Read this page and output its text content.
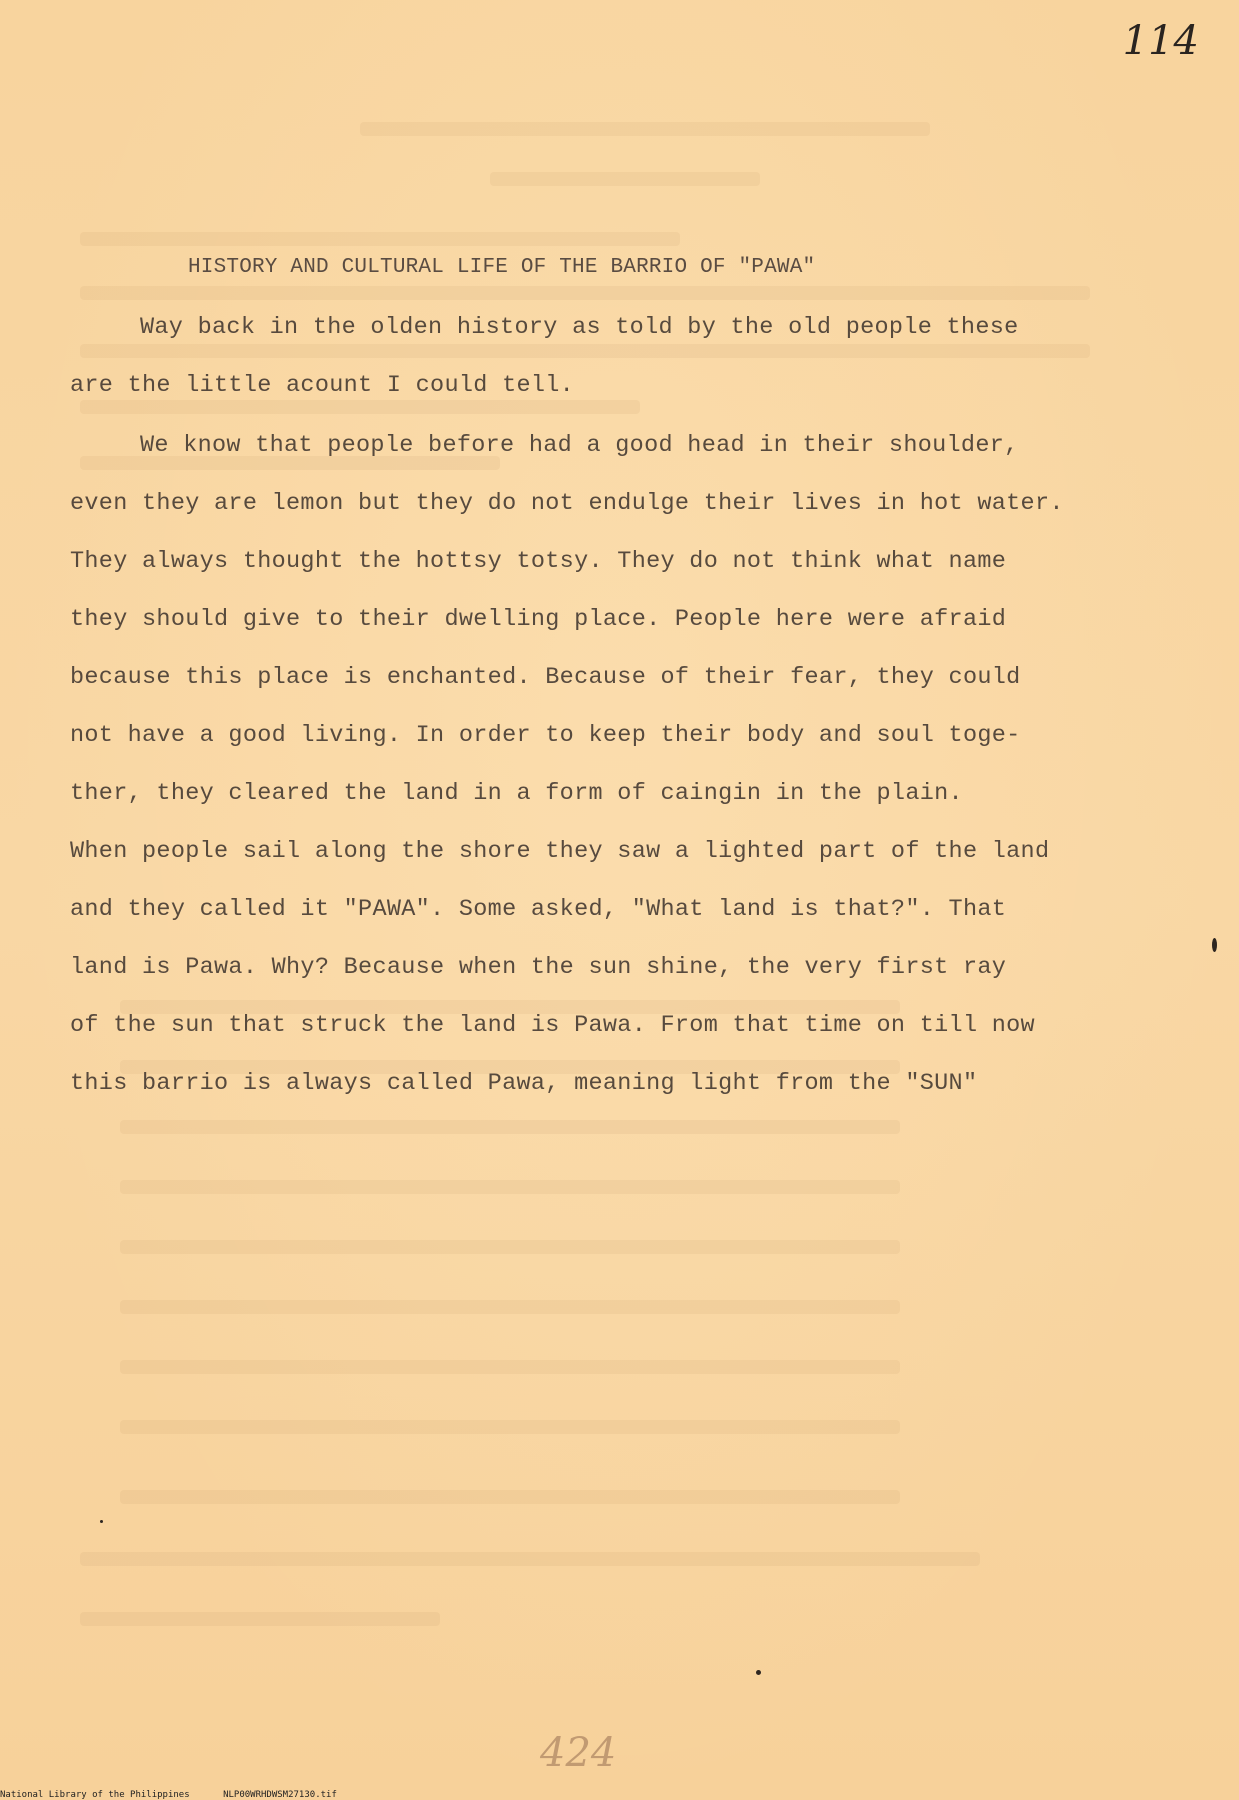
114
HISTORY AND CULTURAL LIFE OF THE BARRIO OF "PAWA"
Way back in the olden history as told by the old people these
are the little acount I could tell.
We know that people before had a good head in their shoulder,
even they are lemon but they do not endulge their lives in hot water.
They always thought the hottsy totsy. They do not think what name
they should give to their dwelling place. People here were afraid
because this place is enchanted. Because of their fear, they could
not have a good living. In order to keep their body and soul toge-
ther, they cleared the land in a form of caingin in the plain.
When people sail along the shore they saw a lighted part of the land
and they called it "PAWA". Some asked, "What land is that?". That
land is Pawa. Why? Because when the sun shine, the very first ray
of the sun that struck the land is Pawa. From that time on till now
this barrio is always called Pawa, meaning light from the "SUN"
424
National Library of the Philippines	NLP00WRHDWSM27130.tif
